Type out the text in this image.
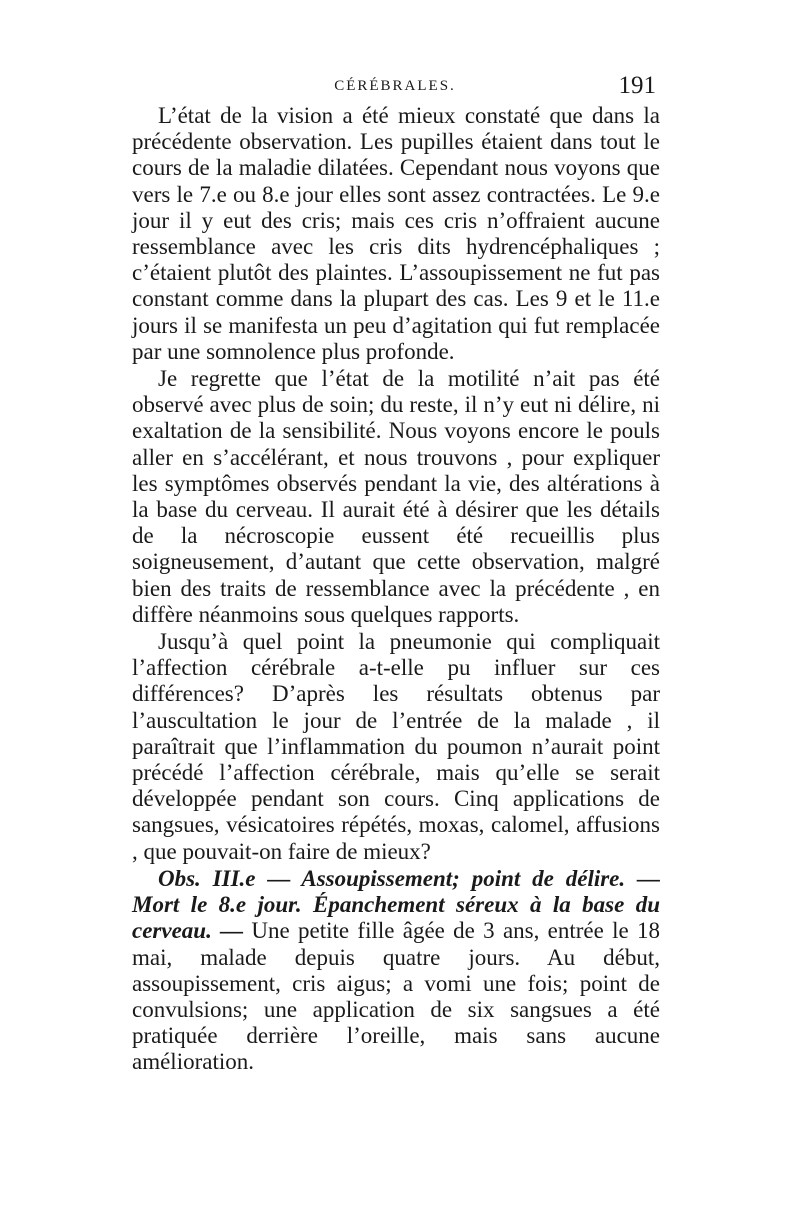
CÉRÉBRALES.	191

L’état de la vision a été mieux constaté que dans la précédente observation. Les pupilles étaient dans tout le cours de la maladie dilatées. Cependant nous voyons que vers le 7.e ou 8.e jour elles sont assez contractées. Le 9.e jour il y eut des cris; mais ces cris n’offraient aucune ressemblance avec les cris dits hydrencéphaliques ; c’étaient plutôt des plaintes. L’assoupissement ne fut pas constant comme dans la plupart des cas. Les 9 et le 11.e jours il se manifesta un peu d’agitation qui fut remplacée par une somnolence plus profonde.

Je regrette que l’état de la motilité n’ait pas été observé avec plus de soin; du reste, il n’y eut ni délire, ni exaltation de la sensibilité. Nous voyons encore le pouls aller en s’accélérant, et nous trouvons , pour expliquer les symptômes observés pendant la vie, des altérations à la base du cerveau. Il aurait été à désirer que les détails de la nécroscopie eussent été recueillis plus soigneusement, d’autant que cette observation, malgré bien des traits de ressemblance avec la précédente , en diffère néanmoins sous quelques rapports.

Jusqu’à quel point la pneumonie qui compliquait l’affection cérébrale a-t-elle pu influer sur ces différences? D’après les résultats obtenus par l’auscultation le jour de l’entrée de la malade , il paraîtrait que l’inflammation du poumon n’aurait point précédé l’affection cérébrale, mais qu’elle se serait développée pendant son cours. Cinq applications de sangsues, vésicatoires répétés, moxas, calomel, affusions , que pouvait-on faire de mieux?

Obs. III.e — Assoupissement; point de délire. — Mort le 8.e jour. Épanchement séreux à la base du cerveau. — Une petite fille âgée de 3 ans, entrée le 18 mai, malade depuis quatre jours. Au début, assoupissement, cris aigus; a vomi une fois; point de convulsions; une application de six sangsues a été pratiquée derrière l’oreille, mais sans aucune amélioration.
